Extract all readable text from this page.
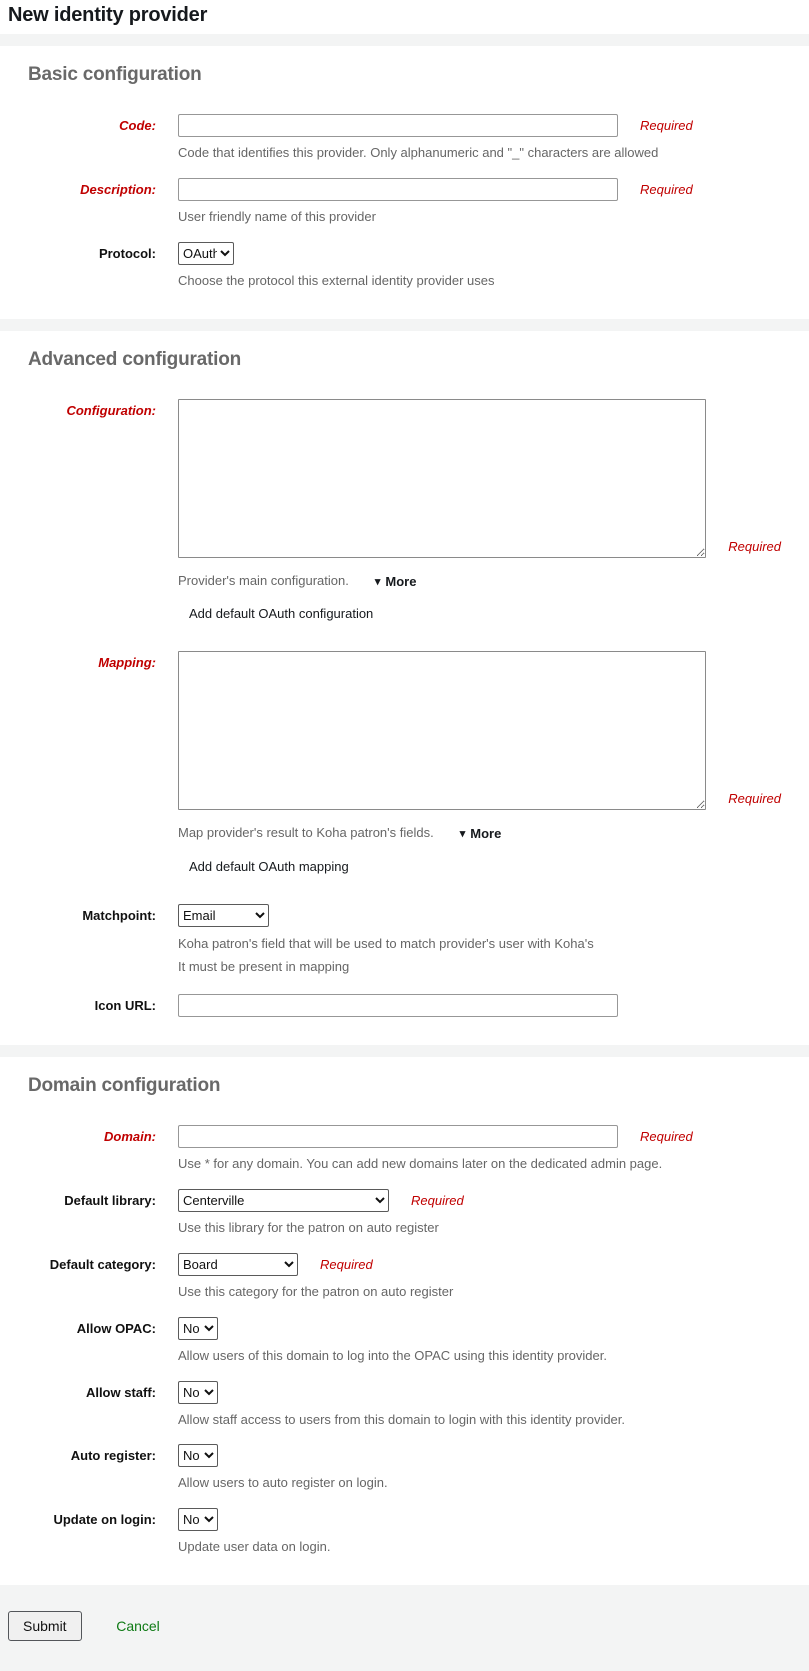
New identity provider
Basic configuration
Code:	Required
Code that identifies this provider. Only alphanumeric and "_" characters are allowed
Description:	Required
User friendly name of this provider
Protocol:
OAuth
Choose the protocol this external identity provider uses
Advanced configuration
Configuration:
Required
Provider's main configuration. ▾ More
Add default OAuth configuration
Mapping:
Required
Map provider's result to Koha patron's fields. ▾ More
Add default OAuth mapping
Matchpoint:
Email
Koha patron's field that will be used to match provider's user with Koha's
It must be present in mapping
Icon URL:
Domain configuration
Domain:	Required
Use * for any domain. You can add new domains later on the dedicated admin page.
Default library:
Centerville	Required
Use this library for the patron on auto register
Default category:
Board	Required
Use this category for the patron on auto register
Allow OPAC:
No
Allow users of this domain to log into the OPAC using this identity provider.
Allow staff:
No
Allow staff access to users from this domain to login with this identity provider.
Auto register:
No
Allow users to auto register on login.
Update on login:
No
Update user data on login.
Submit	Cancel
